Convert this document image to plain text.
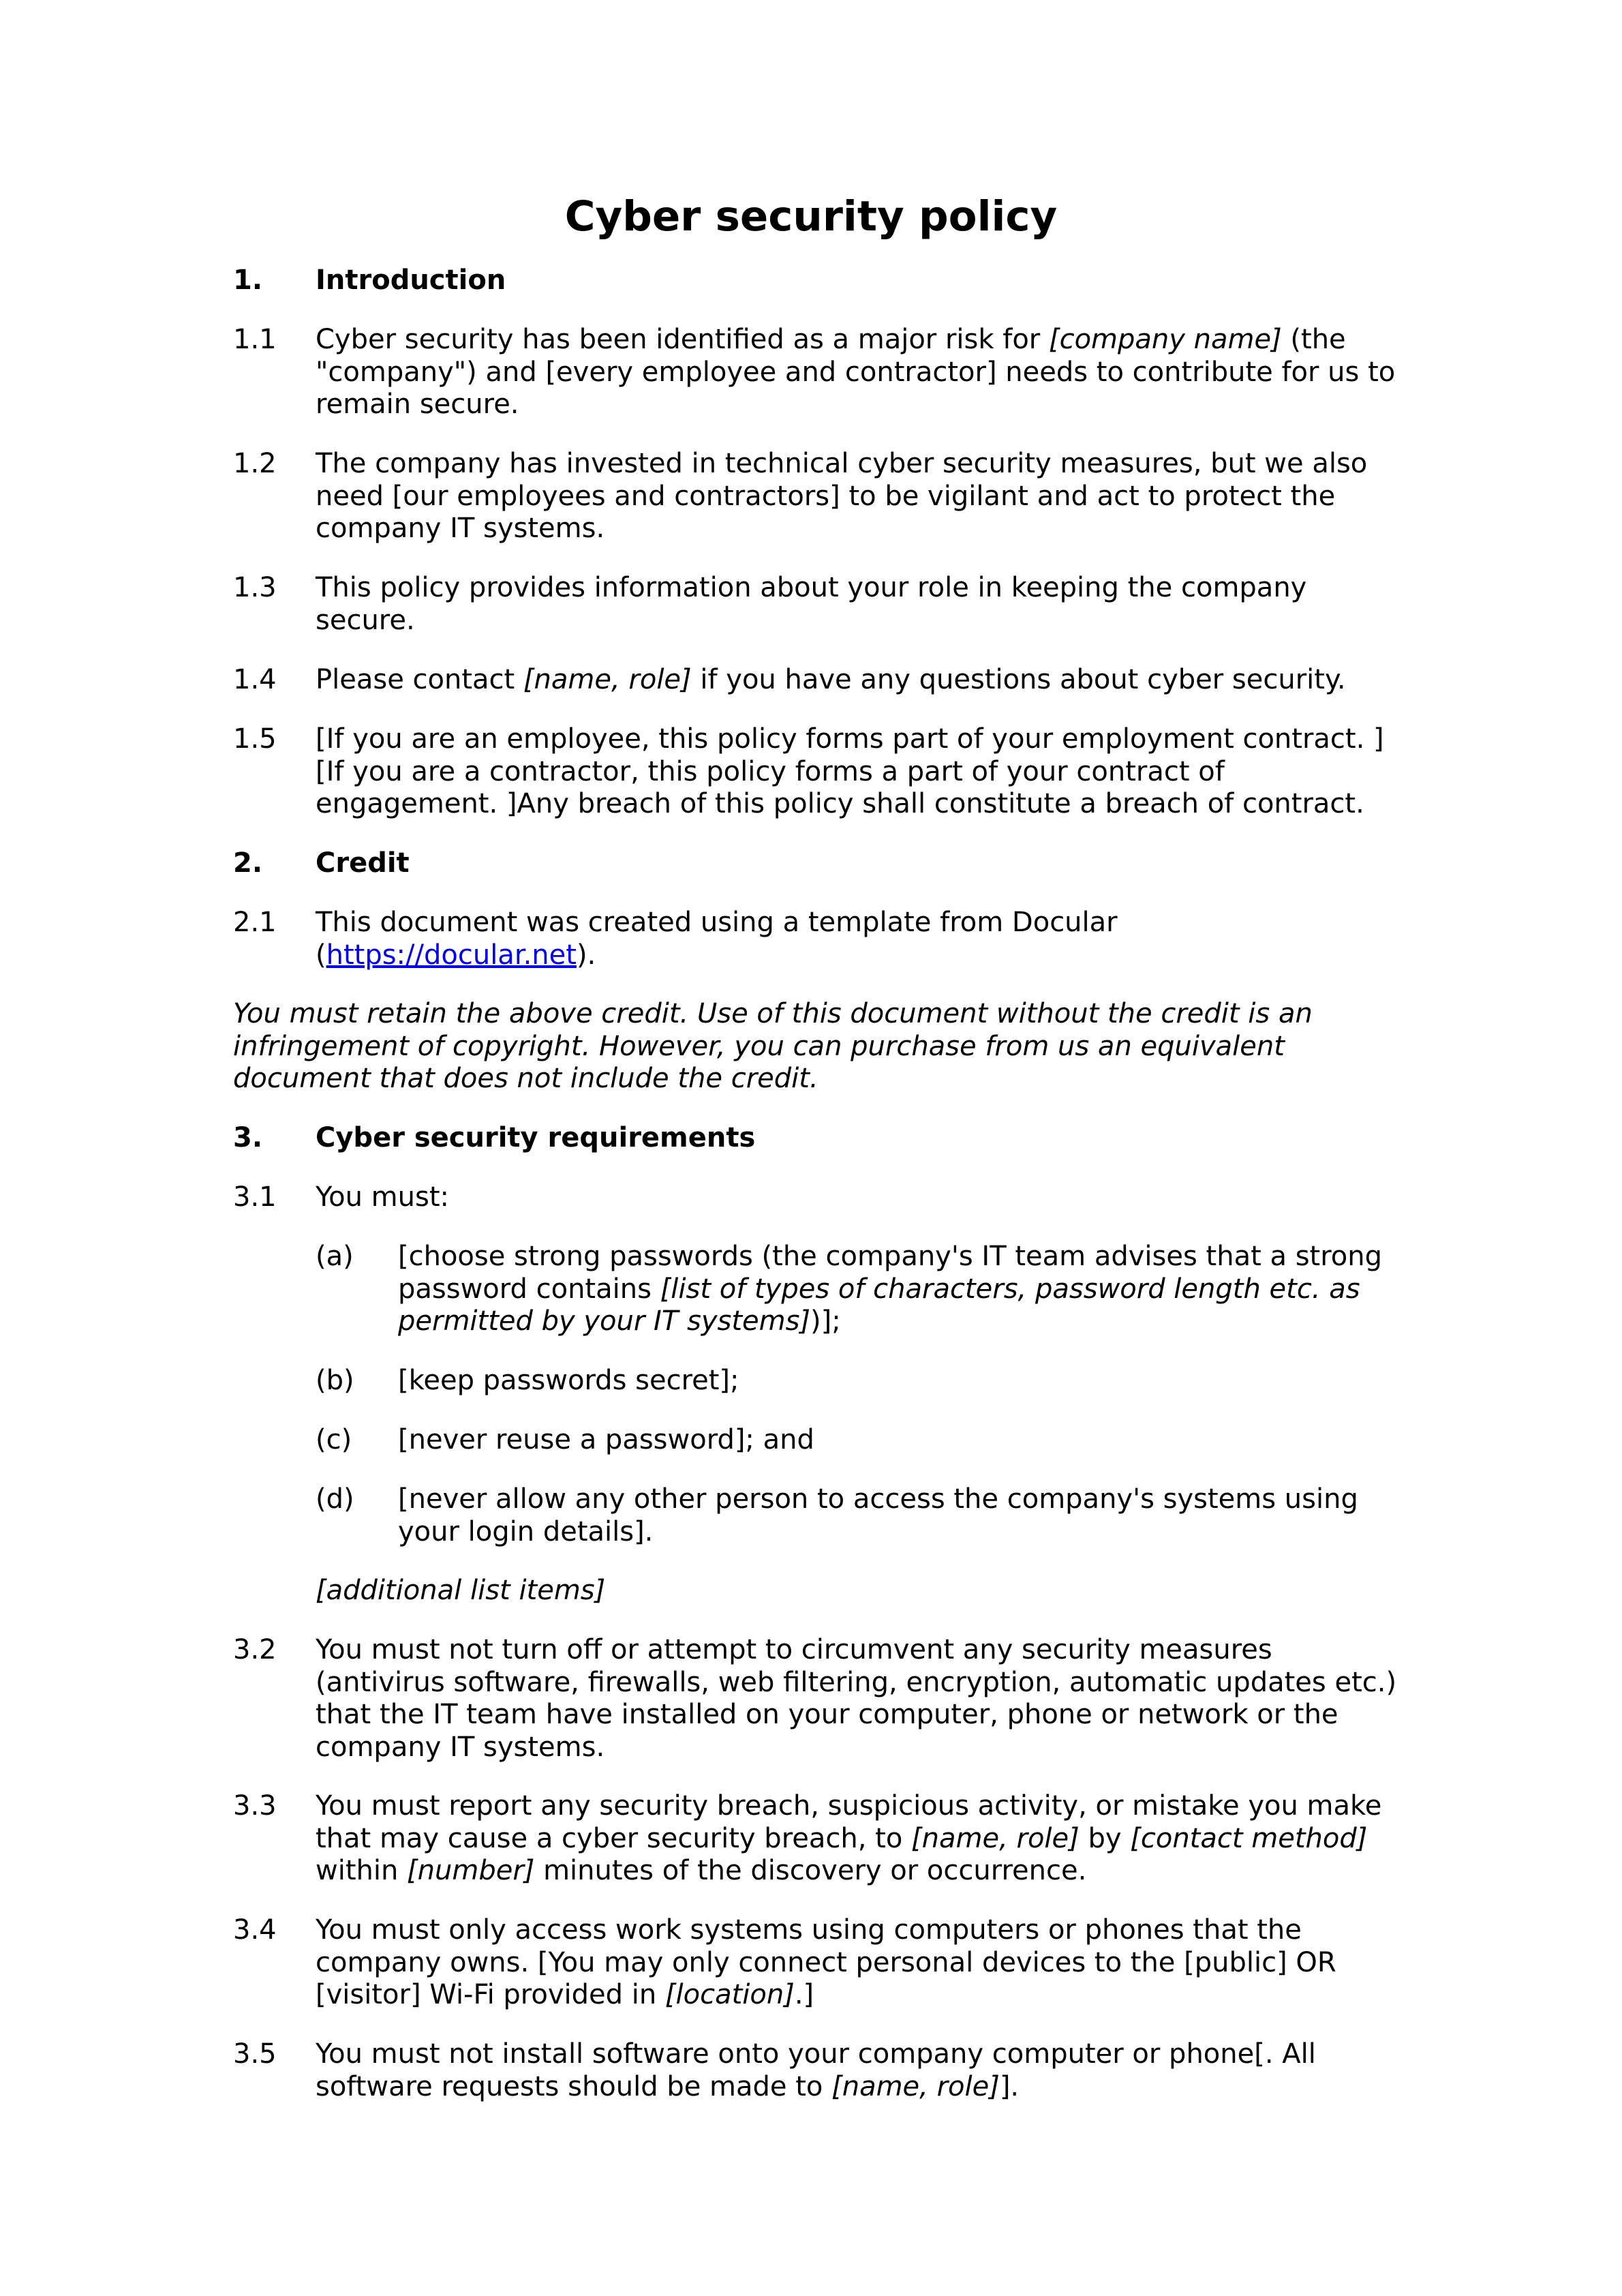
Cyber security policy
1. Introduction
1.1 Cyber security has been identified as a major risk for [company name] (the "company") and [every employee and contractor] needs to contribute for us to remain secure.
1.2 The company has invested in technical cyber security measures, but we also need [our employees and contractors] to be vigilant and act to protect the company IT systems.
1.3 This policy provides information about your role in keeping the company secure.
1.4 Please contact [name, role] if you have any questions about cyber security.
1.5 [If you are an employee, this policy forms part of your employment contract. ][If you are a contractor, this policy forms a part of your contract of engagement. ]Any breach of this policy shall constitute a breach of contract.
2. Credit
2.1 This document was created using a template from Docular (https://docular.net).
You must retain the above credit. Use of this document without the credit is an infringement of copyright. However, you can purchase from us an equivalent document that does not include the credit.
3. Cyber security requirements
3.1 You must:
(a) [choose strong passwords (the company's IT team advises that a strong password contains [list of types of characters, password length etc. as permitted by your IT systems])];
(b) [keep passwords secret];
(c) [never reuse a password]; and
(d) [never allow any other person to access the company's systems using your login details].
[additional list items]
3.2 You must not turn off or attempt to circumvent any security measures (antivirus software, firewalls, web filtering, encryption, automatic updates etc.) that the IT team have installed on your computer, phone or network or the company IT systems.
3.3 You must report any security breach, suspicious activity, or mistake you make that may cause a cyber security breach, to [name, role] by [contact method] within [number] minutes of the discovery or occurrence.
3.4 You must only access work systems using computers or phones that the company owns. [You may only connect personal devices to the [public] OR [visitor] Wi-Fi provided in [location].]
3.5 You must not install software onto your company computer or phone[. All software requests should be made to [name, role]].
